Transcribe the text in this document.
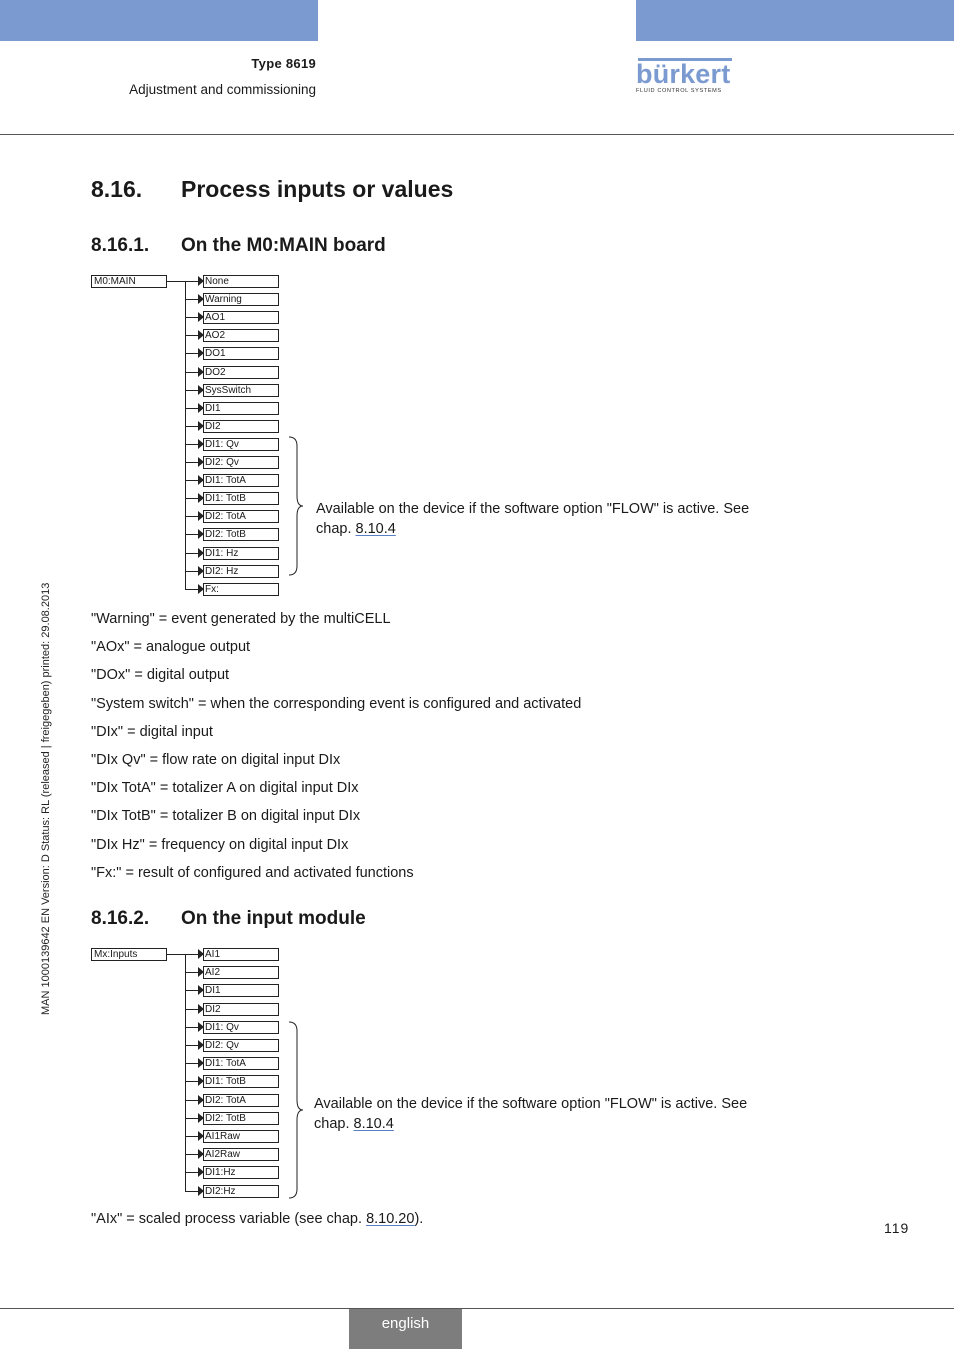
Type 8619
Adjustment and commissioning
bürkert
FLUID CONTROL SYSTEMS
MAN 1000139642 EN Version: D Status: RL (released | freigegeben) printed: 29.08.2013
8.16. Process inputs or values
8.16.1. On the M0:MAIN board
M0:MAIN	None
Warning
AO1
AO2
DO1
DO2
SysSwitch
DI1
DI2
DI1: Qv
DI2: Qv
DI1: TotA
DI1: TotB
DI2: TotA
DI2: TotB
DI1: Hz
DI2: Hz
Fx:
Available on the device if the software option "FLOW" is active. See chap. 8.10.4
"Warning" = event generated by the multiCELL
"AOx" = analogue output
"DOx" = digital output
"System switch" = when the corresponding event is configured and activated
"DIx" = digital input
"DIx Qv" = flow rate on digital input DIx
"DIx TotA" = totalizer A on digital input DIx
"DIx TotB" = totalizer B on digital input DIx
"DIx Hz" = frequency on digital input DIx
"Fx:" = result of configured and activated functions
8.16.2. On the input module
Mx:Inputs	AI1
AI2
DI1
DI2
DI1: Qv
DI2: Qv
DI1: TotA
DI1: TotB
DI2: TotA
DI2: TotB
AI1Raw
AI2Raw
DI1:Hz
DI2:Hz
Available on the device if the software option "FLOW" is active. See chap. 8.10.4
"AIx" = scaled process variable (see chap. 8.10.20).
119
english
